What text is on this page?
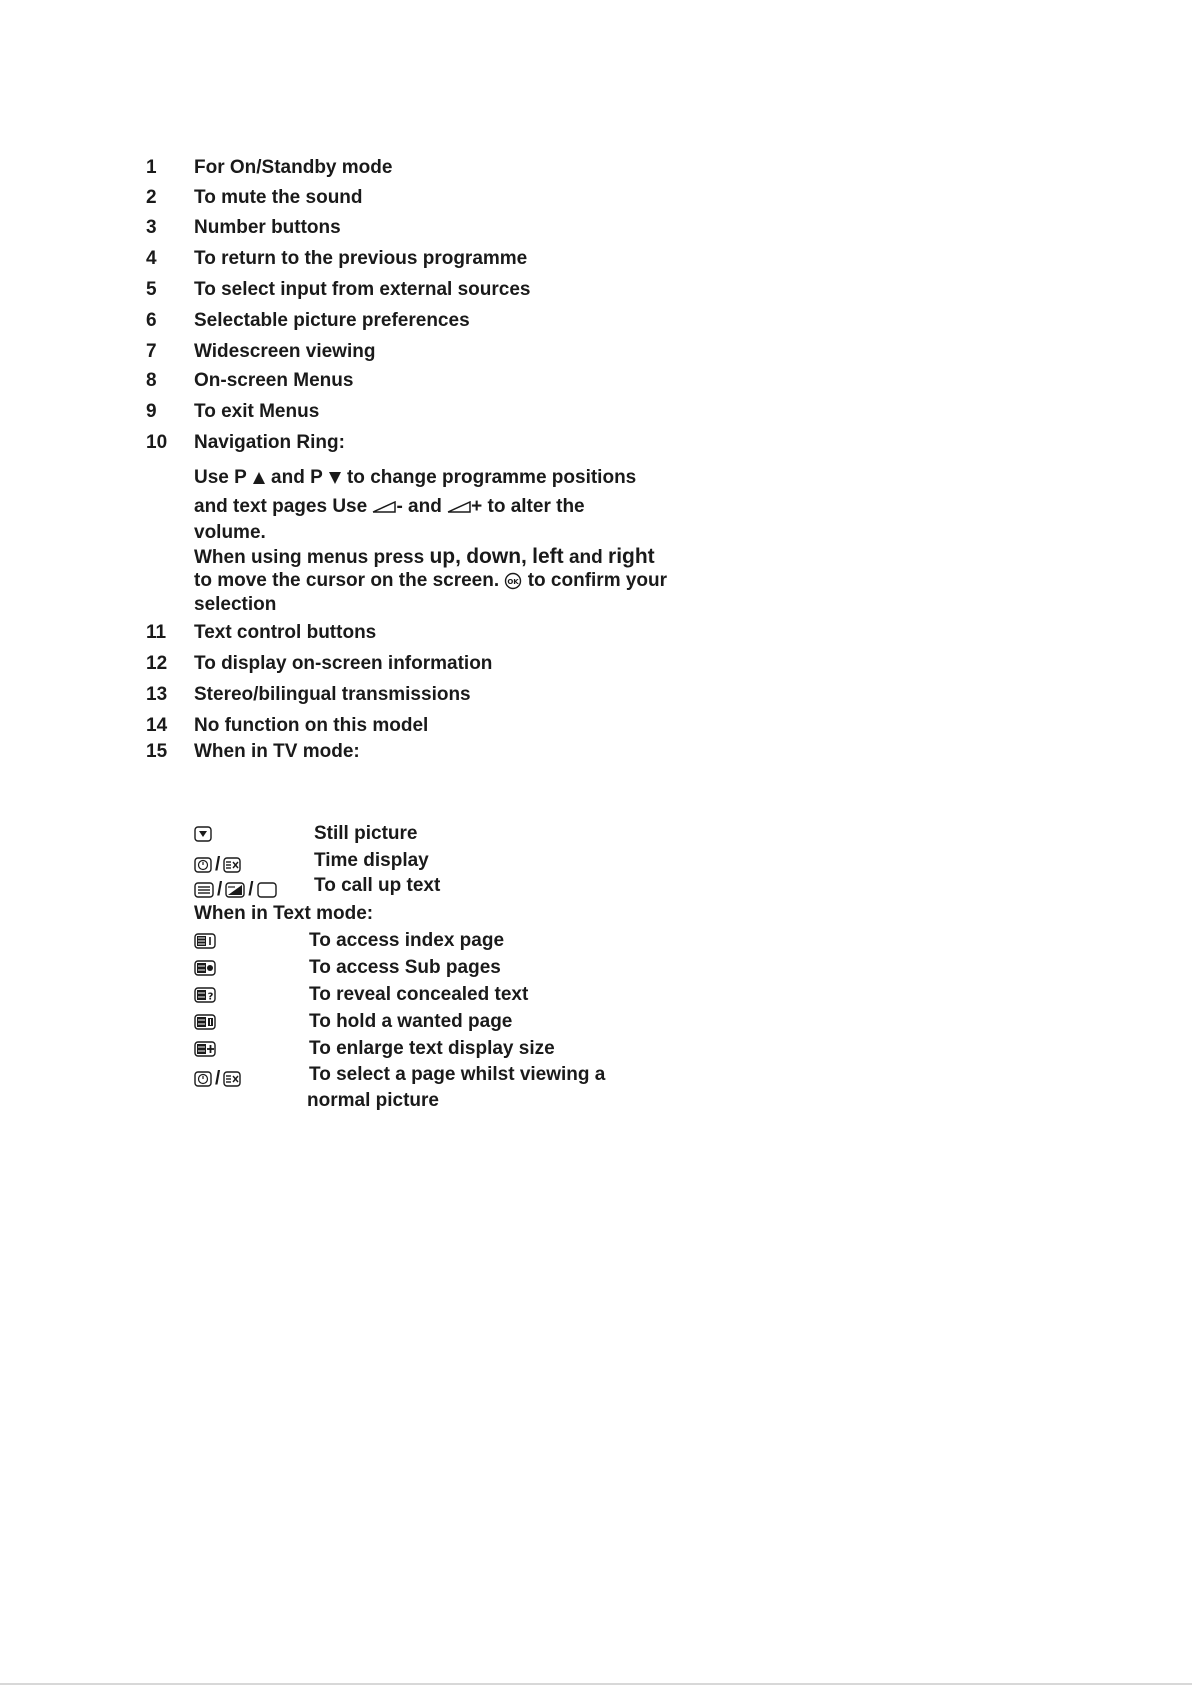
1 For On/Standby mode
2 To mute the sound
3 Number buttons
4 To return to the previous programme
5 To select input from external sources
6 Selectable picture preferences
7 Widescreen viewing
8 On-screen Menus
9 To exit Menus
10 Navigation Ring:
Use P and P to change programme positions
and text pages Use - and + to alter the
volume.
When using menus press up, down, left and right
to move the cursor on the screen. OK to confirm your
selection
11 Text control buttons
12 To display on-screen information
13 Stereo/bilingual transmissions
14 No function on this model
15 When in TV mode:
Still picture
/	Time display
/ /	To call up text
When in Text mode:
To access index page
To access Sub pages
?	To reveal concealed text
To hold a wanted page
To enlarge text display size
/	To select a page whilst viewing a
normal picture
